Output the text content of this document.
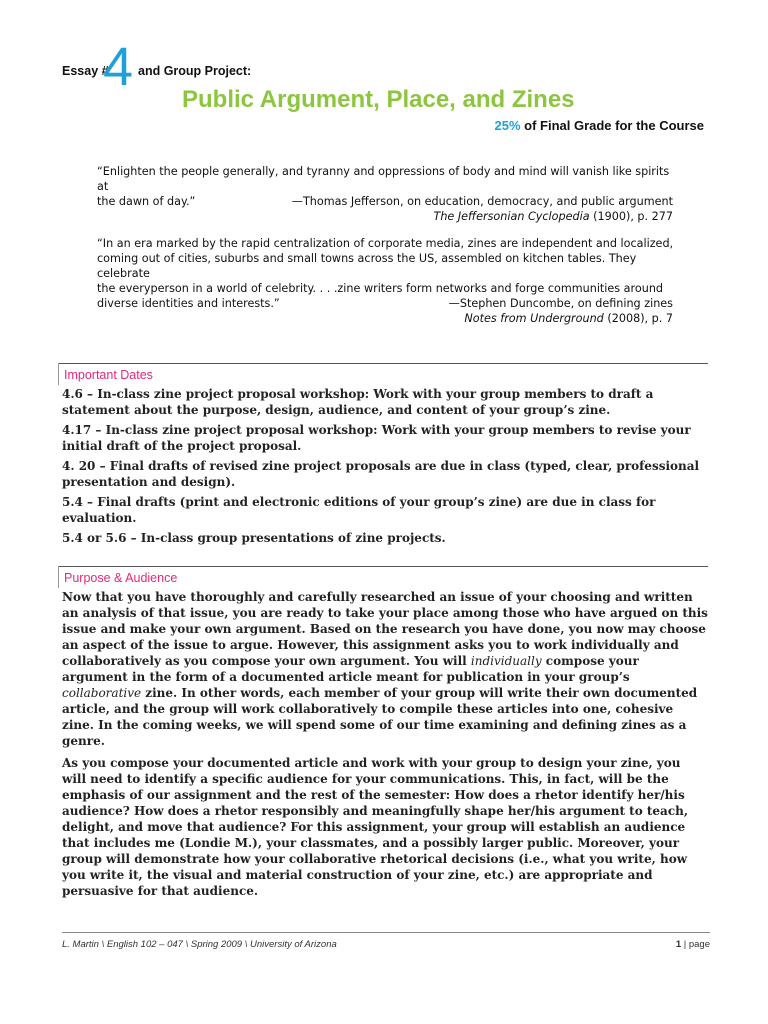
Essay #
4 and Group Project:
Public Argument, Place, and Zines
25% of Final Grade for the Course
“Enlighten the people generally, and tyranny and oppressions of body and mind will vanish like spirits at
the dawn of day.”	—Thomas Jefferson, on education, democracy, and public argument
The Jeffersonian Cyclopedia (1900), p. 277
“In an era marked by the rapid centralization of corporate media, zines are independent and localized,
coming out of cities, suburbs and small towns across the US, assembled on kitchen tables. They celebrate
the everyperson in a world of celebrity. . . .zine writers form networks and forge communities around
diverse identities and interests.”	—Stephen Duncombe, on defining zines
Notes from Underground (2008), p. 7
Important Dates
4.6 – In-class zine project proposal workshop: Work with your group members to draft a statement about the purpose, design, audience, and content of your group’s zine.
4.17 – In-class zine project proposal workshop: Work with your group members to revise your initial draft of the project proposal.
4. 20 – Final drafts of revised zine project proposals are due in class (typed, clear, professional presentation and design).
5.4 – Final drafts (print and electronic editions of your group’s zine) are due in class for evaluation.
5.4 or 5.6 – In-class group presentations of zine projects.
Purpose & Audience

Now that you have thoroughly and carefully researched an issue of your choosing and written an analysis of that issue, you are ready to take your place among those who have argued on this issue and make your own argument. Based on the research you have done, you now may choose an aspect of the issue to argue. However, this assignment asks you to work individually and collaboratively as you compose your own argument. You will individually compose your argument in the form of a documented article meant for publication in your group’s collaborative zine. In other words, each member of your group will write their own documented article, and the group will work collaboratively to compile these articles into one, cohesive zine. In the coming weeks, we will spend some of our time examining and defining zines as a genre.

As you compose your documented article and work with your group to design your zine, you will need to identify a specific audience for your communications. This, in fact, will be the emphasis of our assignment and the rest of the semester: How does a rhetor identify her/his audience? How does a rhetor responsibly and meaningfully shape her/his argument to teach, delight, and move that audience? For this assignment, your group will establish an audience that includes me (Londie M.), your classmates, and a possibly larger public. Moreover, your group will demonstrate how your collaborative rhetorical decisions (i.e., what you write, how you write it, the visual and material construction of your zine, etc.) are appropriate and persuasive for that audience.

L. Martin \ English 102 – 047 \ Spring 2009 \ University of Arizona	1 | page
